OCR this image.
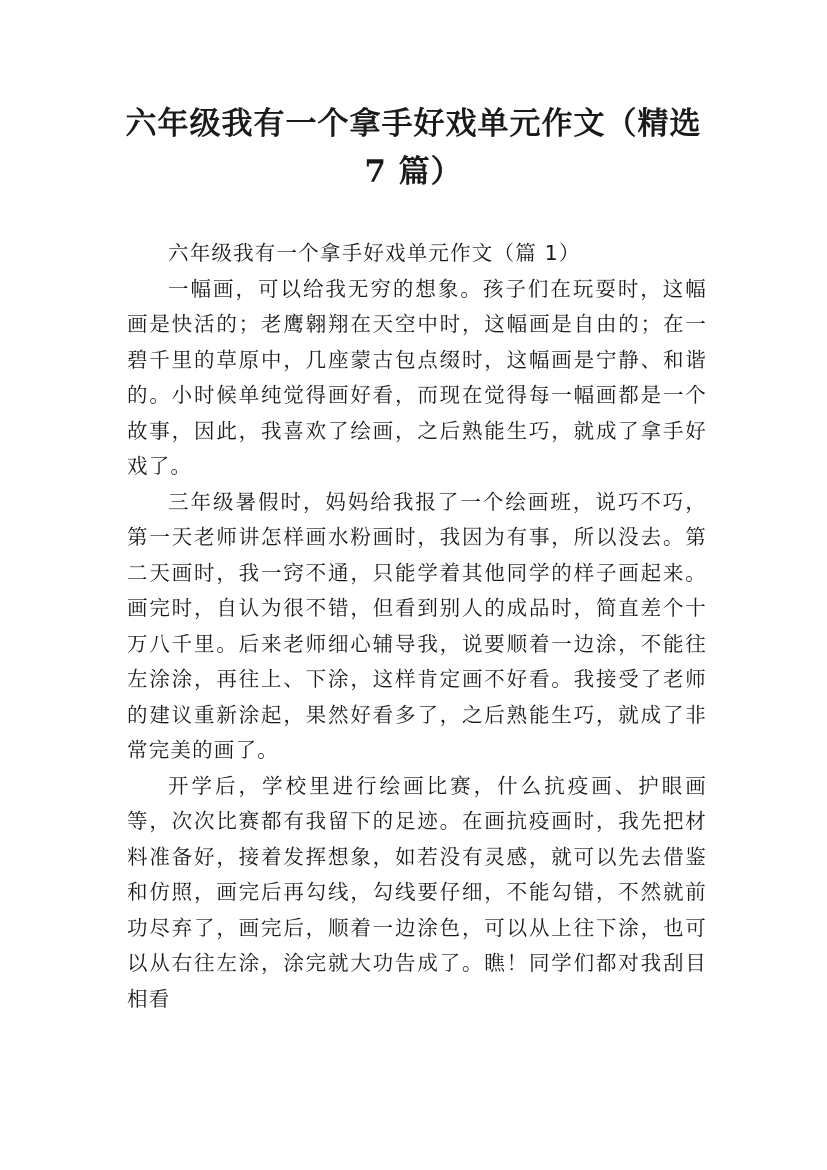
六年级我有一个拿手好戏单元作文（精选 7 篇）

六年级我有一个拿手好戏单元作文（篇 1）

一幅画，可以给我无穷的想象。孩子们在玩耍时，这幅画是快活的；老鹰翱翔在天空中时，这幅画是自由的；在一碧千里的草原中，几座蒙古包点缀时，这幅画是宁静、和谐的。小时候单纯觉得画好看，而现在觉得每一幅画都是一个故事，因此，我喜欢了绘画，之后熟能生巧，就成了拿手好戏了。

三年级暑假时，妈妈给我报了一个绘画班，说巧不巧，第一天老师讲怎样画水粉画时，我因为有事，所以没去。第二天画时，我一窍不通，只能学着其他同学的样子画起来。画完时，自认为很不错，但看到别人的成品时，简直差个十万八千里。后来老师细心辅导我，说要顺着一边涂，不能往左涂涂，再往上、下涂，这样肯定画不好看。我接受了老师的建议重新涂起，果然好看多了，之后熟能生巧，就成了非常完美的画了。

开学后，学校里进行绘画比赛，什么抗疫画、护眼画等，次次比赛都有我留下的足迹。在画抗疫画时，我先把材料准备好，接着发挥想象，如若没有灵感，就可以先去借鉴和仿照，画完后再勾线，勾线要仔细，不能勾错，不然就前功尽弃了，画完后，顺着一边涂色，可以从上往下涂，也可以从右往左涂，涂完就大功告成了。瞧！同学们都对我刮目相看
